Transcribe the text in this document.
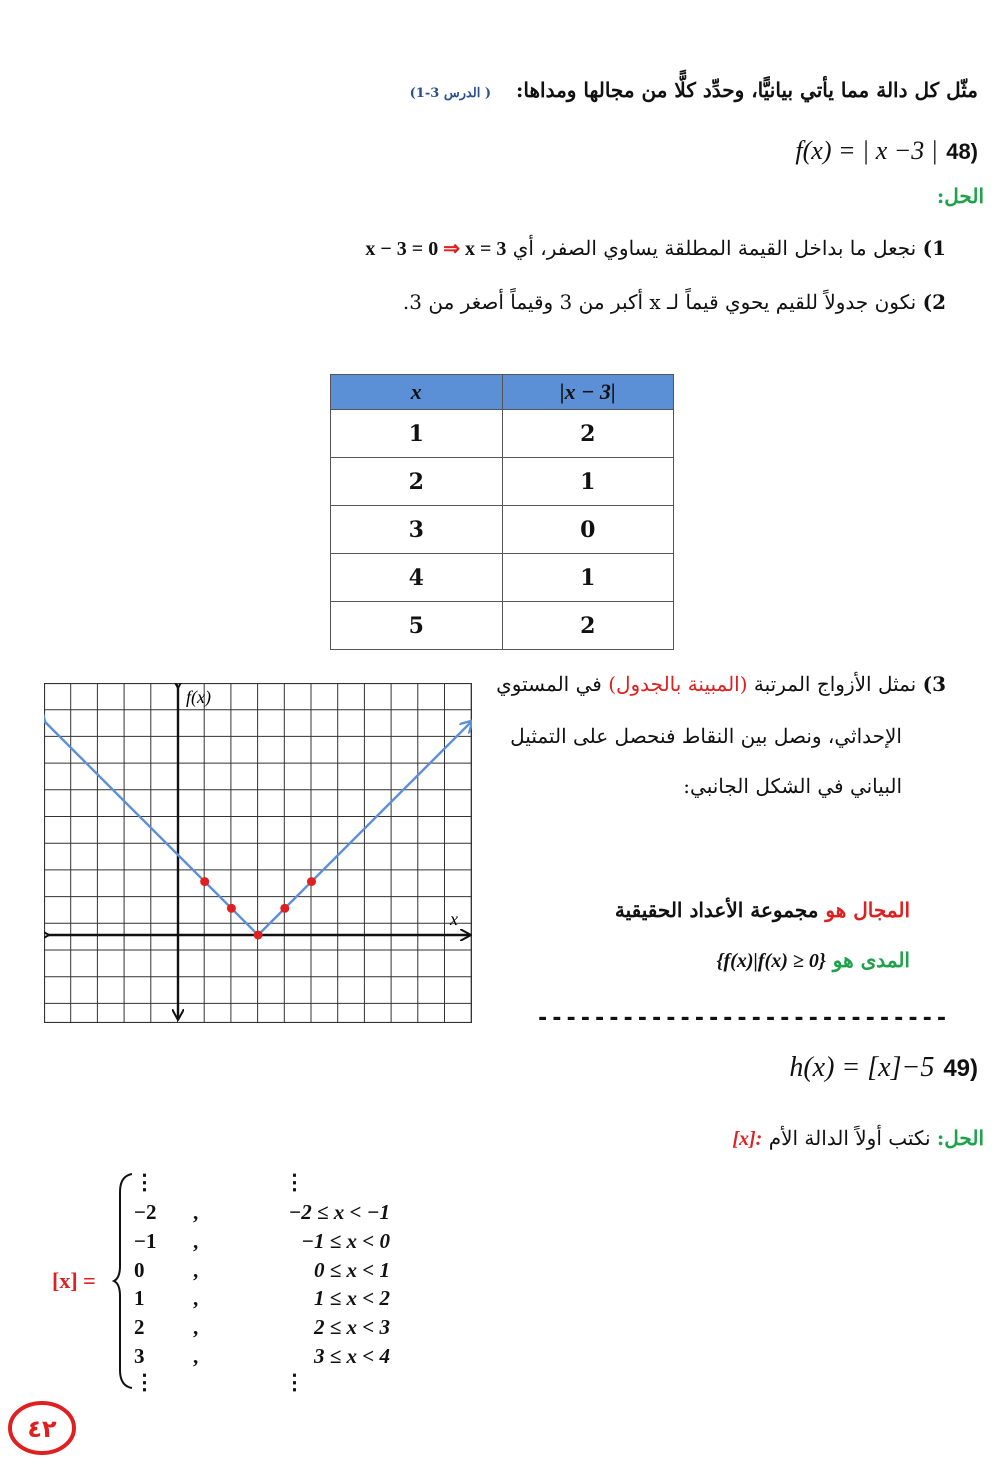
مثّل كل دالة مما يأتي بيانيًّا، وحدِّد كلًّا من مجالها ومداها: ( الدرس 3-1)
f(x) = | x −3 | 48)
الحل:
1) نجعل ما بداخل القيمة المطلقة يساوي الصفر، أي x − 3 = 0 ⇒ x = 3
2) نكون جدولاً للقيم يحوي قيماً لـ x أكبر من 3 وقيماً أصغر من 3.
x	|x − 3|
1	2
2	1
3	0
4	1
5	2
f(x)
x
3) نمثل الأزواج المرتبة (المبينة بالجدول) في المستوي
الإحداثي، ونصل بين النقاط فنحصل على التمثيل
البياني في الشكل الجانبي:
المجال هو مجموعة الأعداد الحقيقية
المدى هو {f(x)|f(x) ≥ 0}
-----------------------------
h(x) = [x]−5 49)
الحل: نكتب أولاً الدالة الأم [x]:
[x] =
⋮	⋮
−2	,	−2 ≤ x < −1
−1	,	−1 ≤ x < 0
0	,	0 ≤ x < 1
1	,	1 ≤ x < 2
2	,	2 ≤ x < 3
3	,	3 ≤ x < 4
⋮	⋮
٤٢
